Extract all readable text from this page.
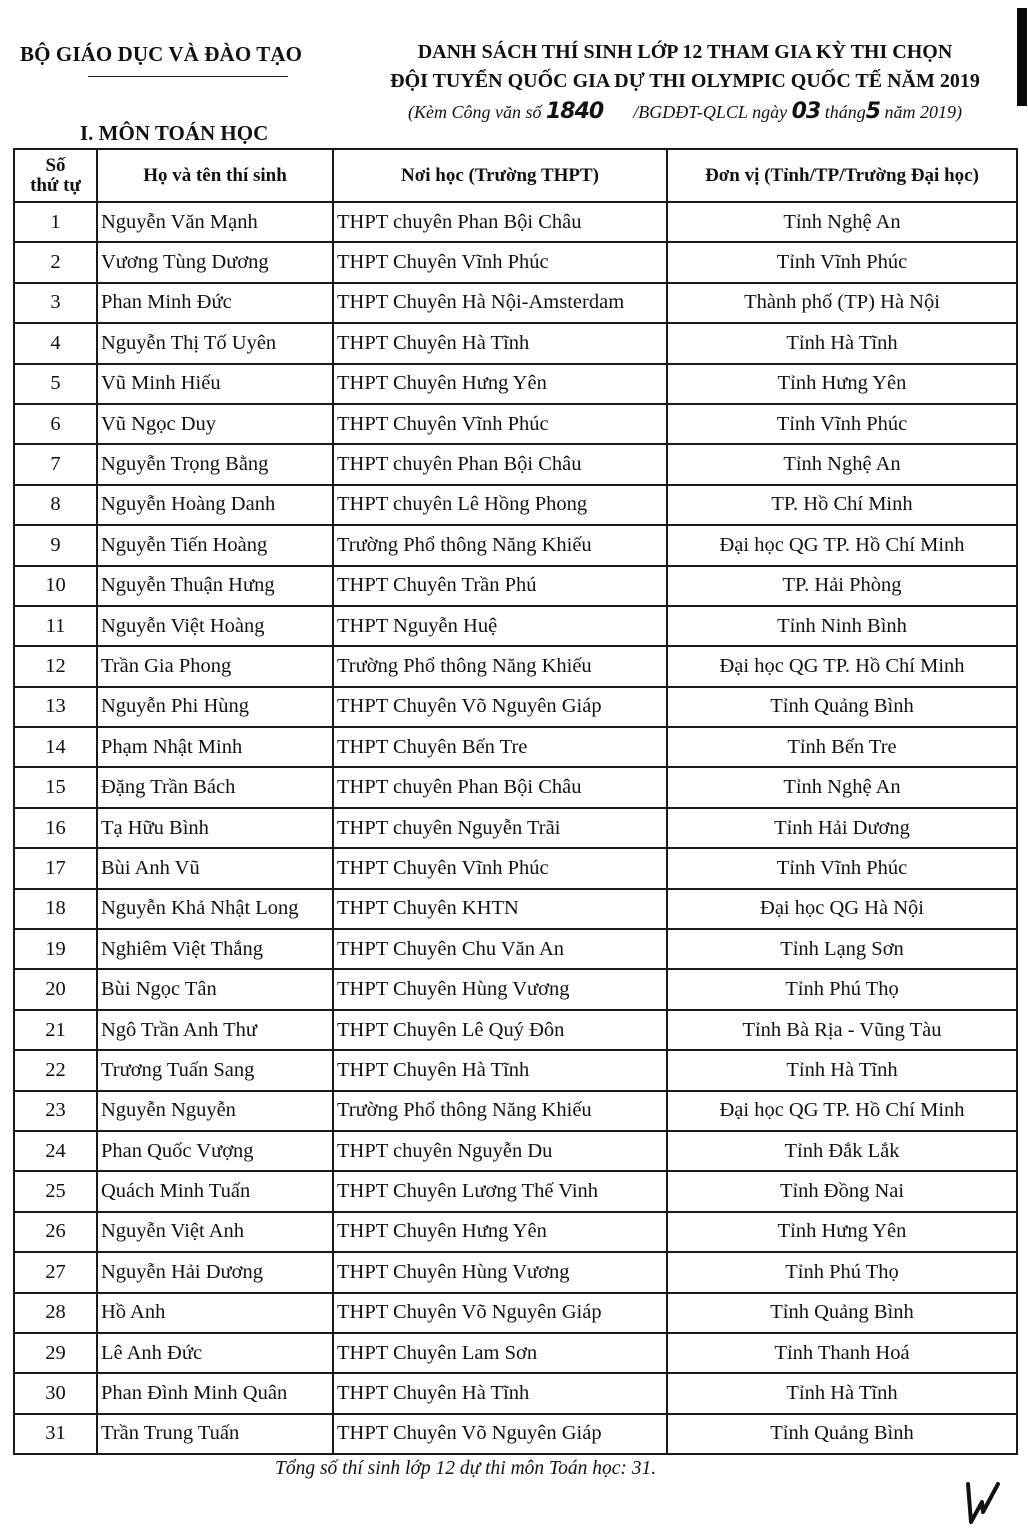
BỘ GIÁO DỤC VÀ ĐÀO TẠO	DANH SÁCH THÍ SINH LỚP 12 THAM GIA KỲ THI CHỌN
ĐỘI TUYỂN QUỐC GIA DỰ THI OLYMPIC QUỐC TẾ NĂM 2019
(Kèm Công văn số 1840 /BGDĐT-QLCL ngày 03 tháng5 năm 2019)
I. MÔN TOÁN HỌC
Số
thứ tự	Họ và tên thí sinh	Nơi học (Trường THPT)	Đơn vị (Tỉnh/TP/Trường Đại học)
1	Nguyễn Văn Mạnh	THPT chuyên Phan Bội Châu	Tỉnh Nghệ An
2	Vương Tùng Dương	THPT Chuyên Vĩnh Phúc	Tỉnh Vĩnh Phúc
3	Phan Minh Đức	THPT Chuyên Hà Nội-Amsterdam	Thành phố (TP) Hà Nội
4	Nguyễn Thị Tố Uyên	THPT Chuyên Hà Tĩnh	Tỉnh Hà Tĩnh
5	Vũ Minh Hiếu	THPT Chuyên Hưng Yên	Tỉnh Hưng Yên
6	Vũ Ngọc Duy	THPT Chuyên Vĩnh Phúc	Tỉnh Vĩnh Phúc
7	Nguyễn Trọng Bằng	THPT chuyên Phan Bội Châu	Tỉnh Nghệ An
8	Nguyễn Hoàng Danh	THPT chuyên Lê Hồng Phong	TP. Hồ Chí Minh
9	Nguyễn Tiến Hoàng	Trường Phổ thông Năng Khiếu	Đại học QG TP. Hồ Chí Minh
10	Nguyễn Thuận Hưng	THPT Chuyên Trần Phú	TP. Hải Phòng
11	Nguyễn Việt Hoàng	THPT Nguyễn Huệ	Tỉnh Ninh Bình
12	Trần Gia Phong	Trường Phổ thông Năng Khiếu	Đại học QG TP. Hồ Chí Minh
13	Nguyễn Phi Hùng	THPT Chuyên Võ Nguyên Giáp	Tỉnh Quảng Bình
14	Phạm Nhật Minh	THPT Chuyên Bến Tre	Tỉnh Bến Tre
15	Đặng Trần Bách	THPT chuyên Phan Bội Châu	Tỉnh Nghệ An
16	Tạ Hữu Bình	THPT chuyên Nguyễn Trãi	Tỉnh Hải Dương
17	Bùi Anh Vũ	THPT Chuyên Vĩnh Phúc	Tỉnh Vĩnh Phúc
18	Nguyễn Khả Nhật Long	THPT Chuyên KHTN	Đại học QG Hà Nội
19	Nghiêm Việt Thắng	THPT Chuyên Chu Văn An	Tỉnh Lạng Sơn
20	Bùi Ngọc Tân	THPT Chuyên Hùng Vương	Tỉnh Phú Thọ
21	Ngô Trần Anh Thư	THPT Chuyên Lê Quý Đôn	Tỉnh Bà Rịa - Vũng Tàu
22	Trương Tuấn Sang	THPT Chuyên Hà Tĩnh	Tỉnh Hà Tĩnh
23	Nguyễn Nguyễn	Trường Phổ thông Năng Khiếu	Đại học QG TP. Hồ Chí Minh
24	Phan Quốc Vượng	THPT chuyên Nguyễn Du	Tỉnh Đắk Lắk
25	Quách Minh Tuấn	THPT Chuyên Lương Thế Vinh	Tỉnh Đồng Nai
26	Nguyễn Việt Anh	THPT Chuyên Hưng Yên	Tỉnh Hưng Yên
27	Nguyễn Hải Dương	THPT Chuyên Hùng Vương	Tỉnh Phú Thọ
28	Hồ Anh	THPT Chuyên Võ Nguyên Giáp	Tỉnh Quảng Bình
29	Lê Anh Đức	THPT Chuyên Lam Sơn	Tỉnh Thanh Hoá
30	Phan Đình Minh Quân	THPT Chuyên Hà Tĩnh	Tỉnh Hà Tĩnh
31	Trần Trung Tuấn	THPT Chuyên Võ Nguyên Giáp	Tỉnh Quảng Bình
Tổng số thí sinh lớp 12 dự thi môn Toán học: 31.
